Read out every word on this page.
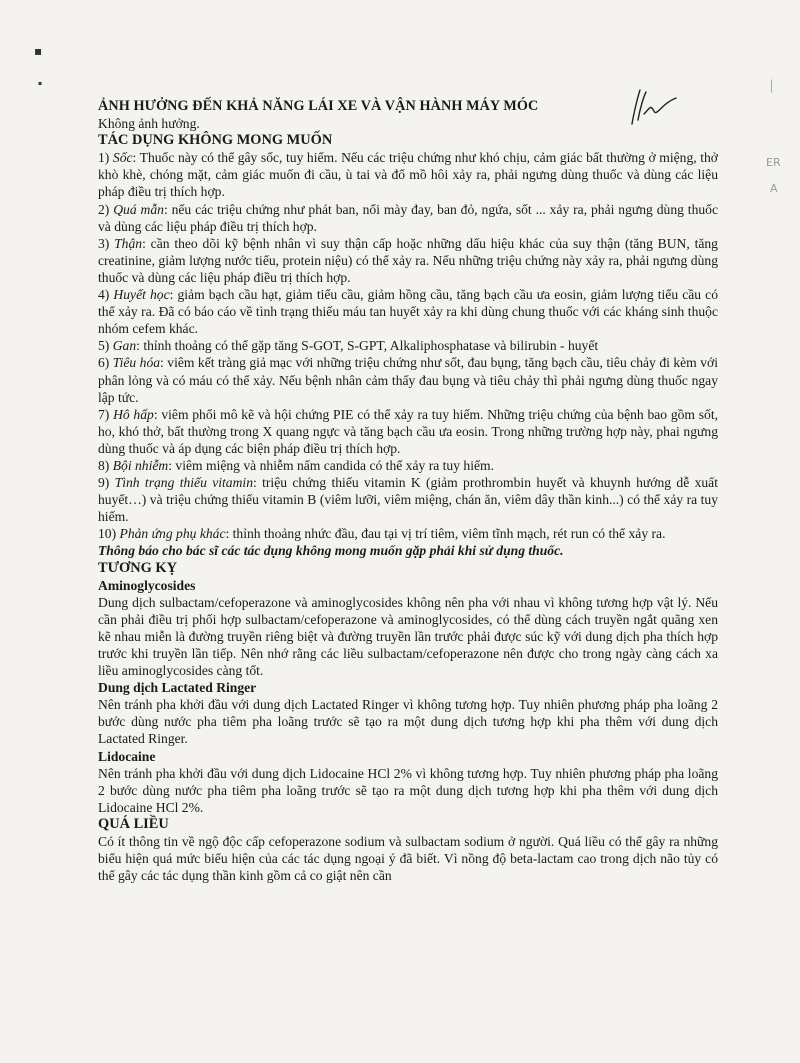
▪
▪	│
ER
A

ẢNH HƯỞNG ĐẾN KHẢ NĂNG LÁI XE VÀ VẬN HÀNH MÁY MÓC

Không ảnh hưởng.

TÁC DỤNG KHÔNG MONG MUỐN

1) Sốc: Thuốc này có thể gây sốc, tuy hiếm. Nếu các triệu chứng như khó chịu, cảm giác bất thường ở miệng, thở khò khè, chóng mặt, cảm giác muốn đi cầu, ù tai và đổ mồ hôi xảy ra, phải ngưng dùng thuốc và dùng các liệu pháp điều trị thích hợp.

2) Quá mẫn: nếu các triệu chứng như phát ban, nổi mày đay, ban đỏ, ngứa, sốt ... xảy ra, phải ngưng dùng thuốc và dùng các liệu pháp điều trị thích hợp.

3) Thận: cần theo dõi kỹ bệnh nhân vì suy thận cấp hoặc những dấu hiệu khác của suy thận (tăng BUN, tăng creatinine, giảm lượng nước tiểu, protein niệu) có thể xảy ra. Nếu những triệu chứng này xảy ra, phải ngưng dùng thuốc và dùng các liệu pháp điều trị thích hợp.

4) Huyết học: giảm bạch cầu hạt, giảm tiểu cầu, giảm hồng cầu, tăng bạch cầu ưa eosin, giảm lượng tiểu cầu có thể xảy ra. Đã có báo cáo về tình trạng thiếu máu tan huyết xảy ra khi dùng chung thuốc với các kháng sinh thuộc nhóm cefem khác.

5) Gan: thỉnh thoảng có thể gặp tăng S-GOT, S-GPT, Alkaliphosphatase và bilirubin - huyết

6) Tiêu hóa: viêm kết tràng giả mạc với những triệu chứng như sốt, đau bụng, tăng bạch cầu, tiêu chảy đi kèm với phân lỏng và có máu có thể xảy. Nếu bệnh nhân cảm thấy đau bụng và tiêu chảy thì phải ngưng dùng thuốc ngay lập tức.

7) Hô hấp: viêm phổi mô kẽ và hội chứng PIE có thể xảy ra tuy hiếm. Những triệu chứng của bệnh bao gồm sốt, ho, khó thở, bất thường trong X quang ngực và tăng bạch cầu ưa eosin. Trong những trường hợp này, phai ngưng dùng thuốc và áp dụng các biện pháp điều trị thích hợp.

8) Bội nhiễm: viêm miệng và nhiễm nấm candida có thể xảy ra tuy hiếm.

9) Tình trạng thiếu vitamin: triệu chứng thiếu vitamin K (giảm prothrombin huyết và khuynh hướng dễ xuất huyết…) và triệu chứng thiếu vitamin B (viêm lưỡi, viêm miệng, chán ăn, viêm dây thần kinh...) có thể xảy ra tuy hiếm.

10) Phản ứng phụ khác: thỉnh thoảng nhức đầu, đau tại vị trí tiêm, viêm tĩnh mạch, rét run có thể xảy ra.

Thông báo cho bác sĩ các tác dụng không mong muốn gặp phải khi sử dụng thuốc.

TƯƠNG KỴ

Aminoglycosides

Dung dịch sulbactam/cefoperazone và aminoglycosides không nên pha với nhau vì không tương hợp vật lý. Nếu cần phải điều trị phối hợp sulbactam/cefoperazone và aminoglycosides, có thể dùng cách truyền ngắt quãng xen kẽ nhau miễn là đường truyền riêng biệt và đường truyền lần trước phải được súc kỹ với dung dịch pha thích hợp trước khi truyền lần tiếp. Nên nhớ rằng các liều sulbactam/cefoperazone nên được cho trong ngày càng cách xa liều aminoglycosides càng tốt.

Dung dịch Lactated Ringer

Nên tránh pha khởi đầu với dung dịch Lactated Ringer vì không tương hợp. Tuy nhiên phương pháp pha loãng 2 bước dùng nước pha tiêm pha loãng trước sẽ tạo ra một dung dịch tương hợp khi pha thêm với dung dịch Lactated Ringer.

Lidocaine

Nên tránh pha khởi đầu với dung dịch Lidocaine HCl 2% vì không tương hợp. Tuy nhiên phương pháp pha loãng 2 bước dùng nước pha tiêm pha loãng trước sẽ tạo ra một dung dịch tương hợp khi pha thêm với dung dịch Lidocaine HCl 2%.

QUÁ LIỀU

Có ít thông tin về ngộ độc cấp cefoperazone sodium và sulbactam sodium ở người. Quá liều có thể gây ra những biểu hiện quá mức biểu hiện của các tác dụng ngoại ý đã biết. Vì nồng độ beta-lactam cao trong dịch não tủy có thể gây các tác dụng thần kinh gồm cả co giật nên cần
